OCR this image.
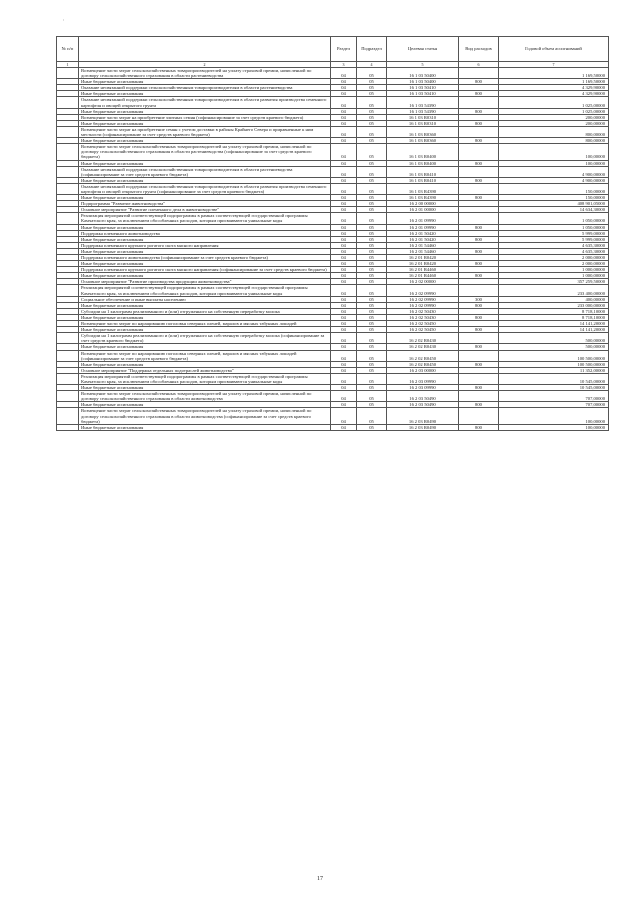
'
№ п/п		Раздел	Подраздел	Целевая статья	Вид расходов	Годовой объем ассигнований
1	2	3	4	5	6	7
	Возмещение части затрат сельскохозяйственных товаропроизводителей на уплату страховой премии, начисленной по договору сельскохозяйственного страхования в области растениеводства	04	05	16 1 03 50400		1 169,50000
	Иные бюджетные ассигнования	04	05	16 1 03 50400	800	1 169,50000
	Оказание несвязанной поддержки сельскохозяйственным товаропроизводителям в области растениеводства	04	05	16 1 03 50410		4 329,90000
	Иные бюджетные ассигнования	04	05	16 1 03 50410	800	4 329,90000
	Оказание несвязанной поддержки сельскохозяйственным товаропроизводителям в области развития производства семенного картофеля и овощей открытого грунта	04	05	16 1 03 54390		1 025,00000
	Иные бюджетные ассигнования	04	05	16 1 03 54390	800	1 025,00000
	Возмещение части затрат на приобретение элитных семян (софинансирование за счет средств краевого бюджета)	04	05	16 1 03 R0310		200,00000
	Иные бюджетные ассигнования	04	05	16 1 03 R0310	800	200,00000
	Возмещение части затрат на приобретение семян с учетом доставки в районы Крайнего Севера и приравненные к ним местности (софинансирование за счет средств краевого бюджета)	04	05	16 1 03 R0360		800,00000
	Иные бюджетные ассигнования	04	05	16 1 03 R0360	800	800,00000
	Возмещение части затрат сельскохозяйственных товаропроизводителей на уплату страховой премии, начисленной по договору сельскохозяйственного страхования в области растениеводства (софинансирование за счет средств краевого бюджета)	04	05	16 1 03 R0400		100,00000
	Иные бюджетные ассигнования	04	05	16 1 03 R0400	800	100,00000
	Оказание несвязанной поддержки сельскохозяйственным товаропроизводителям в области растениеводства (софинансирование за счет средств краевого бюджета)	04	05	16 1 03 R0410		4 900,00000
	Иные бюджетные ассигнования	04	05	16 1 03 R0410	800	4 900,00000
	Оказание несвязанной поддержки сельскохозяйственным товаропроизводителям в области развития производства семенного картофеля и овощей открытого грунта (софинансирование за счет средств краевого бюджета)	04	05	16 1 03 R4390		150,00000
	Иные бюджетные ассигнования	04	05	16 1 03 R4390	800	150,00000
	Подпрограмма "Развитие животноводства"	04	05	16 2 00 00000		408 901,05000
	Основное мероприятие "Развитие племенного дела в животноводстве"	04	05	16 2 01 00000		14 634,30000
	Реализация мероприятий соответствующей подпрограммы в рамках соответствующей государственной программы Камчатского края, за исключением обособленных расходов, которым присваиваются уникальные коды	04	05	16 2 01 09990		1 050,00000
	Иные бюджетные ассигнования	04	05	16 2 01 09990	800	1 050,00000
	Поддержка племенного животноводства	04	05	16 2 01 50420		5 999,00000
	Иные бюджетные ассигнования	04	05	16 2 01 50420	800	5 999,00000
	Поддержка племенного крупного рогатого скота мясного направления	04	05	16 2 01 54460		4 635,30000
	Иные бюджетные ассигнования	04	05	16 2 01 54460	800	4 635,30000
	Поддержка племенного животноводства (софинансирование за счет средств краевого бюджета)	04	05	16 2 01 R0420		2 000,00000
	Иные бюджетные ассигнования	04	05	16 2 01 R0420	800	2 000,00000
	Поддержка племенного крупного рогатого скота мясного направления (софинансирование за счет средств краевого бюджета)	04	05	16 2 01 R4460		1 000,00000
	Иные бюджетные ассигнования	04	05	16 2 01 R4460	800	1 000,00000
	Основное мероприятие "Развитие производства продукции животноводства"	04	05	16 2 02 00000		357 259,50000
	Реализация мероприятий соответствующей подпрограммы в рамках соответствующей государственной программы Камчатского края, за исключением обособленных расходов, которым присваиваются уникальные коды	04	05	16 2 02 09990		233 400,00000
	Социальное обеспечение и иные выплаты населению	04	05	16 2 02 09990	300	400,00000
	Иные бюджетные ассигнования	04	05	16 2 02 09990	800	233 000,00000
	Субсидии на 1 килограмм реализованного и (или) отгруженного на собственную переработку молока	04	05	16 2 02 50430		8 718,10000
	Иные бюджетные ассигнования	04	05	16 2 02 50430	800	8 718,10000
	Возмещение части затрат по наращиванию поголовья северных оленей, маралов и мясных табунных лошадей	04	05	16 2 02 50450		14 141,20000
	Иные бюджетные ассигнования	04	05	16 2 02 50450	800	14 141,20000
	Субсидии на 1 килограмм реализованного и (или) отгруженного на собственную переработку молока (софинансирование за счет средств краевого бюджета)	04	05	16 2 02 R0430		500,00000
	Иные бюджетные ассигнования	04	05	16 2 02 R0430	800	500,00000
	Возмещение части затрат по наращиванию поголовья северных оленей, маралов и мясных табунных лошадей (софинансирование за счет средств краевого бюджета)	04	05	16 2 02 R0450		100 500,00000
	Иные бюджетные ассигнования	04	05	16 2 02 R0450	800	100 500,00000
	Основное мероприятие "Поддержка отдельных подотраслей животноводства"	04	05	16 2 03 00000		11 352,00000
	Реализация мероприятий соответствующей подпрограммы в рамках соответствующей государственной программы Камчатского края, за исключением обособленных расходов, которым присваиваются уникальные коды	04	05	16 2 03 09990		10 545,00000
	Иные бюджетные ассигнования	04	05	16 2 03 09990	800	10 545,00000
	Возмещение части затрат сельскохозяйственных товаропроизводителей на уплату страховой премии, начисленной по договору сельскохозяйственного страхования в области животноводства	04	05	16 2 03 50490		707,00000
	Иные бюджетные ассигнования	04	05	16 2 03 50490	800	707,00000
	Возмещение части затрат сельскохозяйственных товаропроизводителей на уплату страховой премии, начисленной по договору сельскохозяйственного страхования в области животноводства (софинансирование за счет средств краевого бюджета)	04	05	16 2 03 R0490		100,00000
	Иные бюджетные ассигнования	04	05	16 2 03 R0490	800	100,00000
17
